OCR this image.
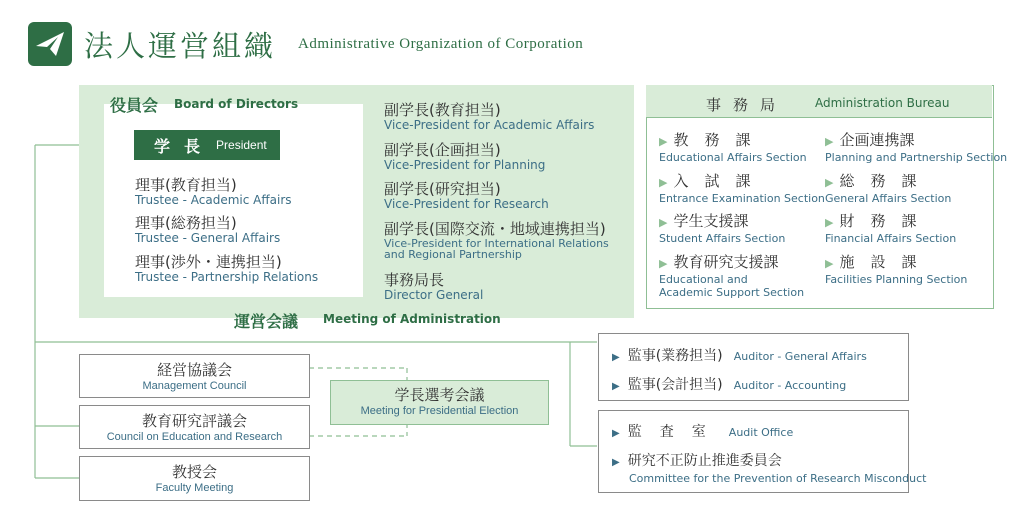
法人運営組織 Administrative Organization of Corporation
役員会 Board of Directors
学長 President
理事(教育担当)
Trustee - Academic Affairs
理事(総務担当)
Trustee - General Affairs
理事(渉外・連携担当)
Trustee - Partnership Relations
副学長(教育担当)
Vice-President for Academic Affairs
副学長(企画担当)
Vice-President for Planning
副学長(研究担当)
Vice-President for Research
副学長(国際交流・地域連携担当)
Vice-President for International Relations
and Regional Partnership
事務局長
Director General
運営会議 Meeting of Administration
事務局 Administration Bureau
▶ 教務課
Educational Affairs Section
▶ 企画連携課
Planning and Partnership Section
▶ 入試課
Entrance Examination Section
▶ 総務課
General Affairs Section
▶ 学生支援課
Student Affairs Section
▶ 財務課
Financial Affairs Section
▶ 教育研究支援課
Educational and
Academic Support Section
▶ 施設課
Facilities Planning Section
経営協議会
Management Council
教育研究評議会
Council on Education and Research
教授会
Faculty Meeting
学長選考会議
Meeting for Presidential Election
▶ 監事(業務担当) Auditor - General Affairs
▶ 監事(会計担当) Auditor - Accounting
▶ 監査室 Audit Office
▶ 研究不正防止推進委員会
Committee for the Prevention of Research Misconduct
